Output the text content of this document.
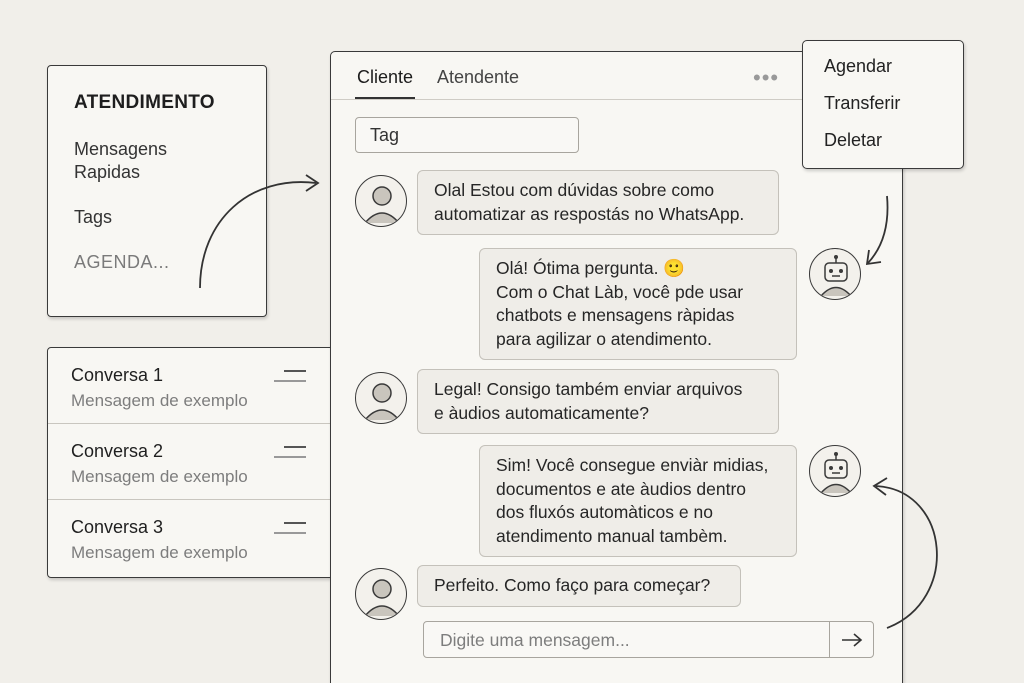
ATENDIMENTO
Mensagens
Rapidas
Tags
AGENDA...
Conversa 1
Mensagem de exemplo
Conversa 2
Mensagem de exemplo
Conversa 3
Mensagem de exemplo
Cliente Atendente	•••
Tag
Olal Estou com dúvidas sobre como
automatizar as respostás no WhatsApp.
Olá! Ótima pergunta. 🙂
Com o Chat Làb, você pde usar
chatbots e mensagens ràpidas
para agilizar o atendimento.
Legal! Consigo também enviar arquivos
e àudios automaticamente?
Sim! Você consegue enviàr midias,
documentos e ate àudios dentro
dos fluxós automàticos e no
atendimento manual tambèm.
Perfeito. Como faço para começar?
Digite uma mensagem...
Agendar
Transferir
Deletar
